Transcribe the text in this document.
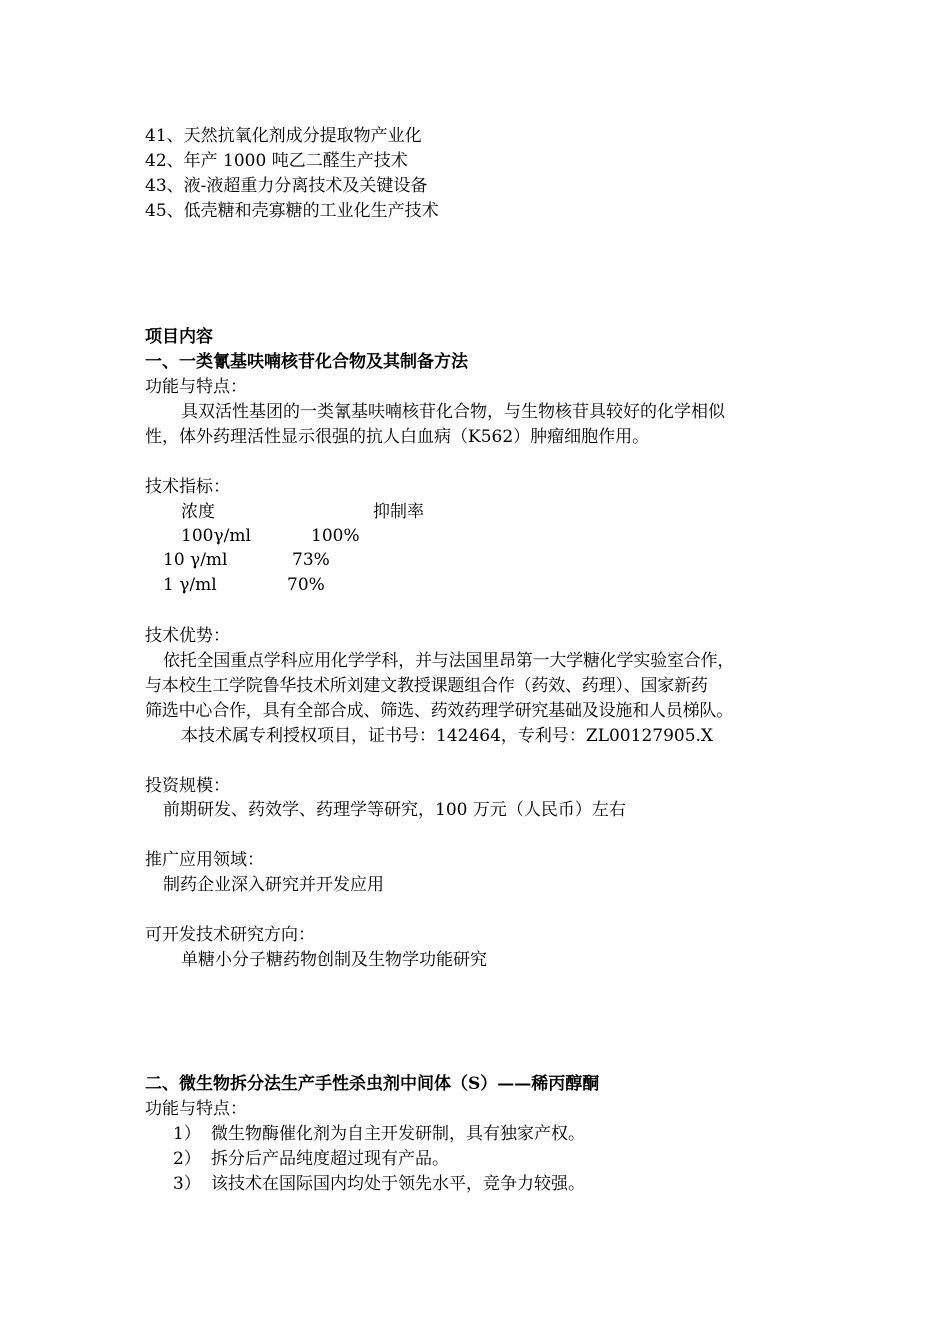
41、天然抗氧化剂成分提取物产业化
42、年产 1000 吨乙二醛生产技术
43、液-液超重力分离技术及关键设备
45、低壳糖和壳寡糖的工业化生产技术
项目内容
一、一类氰基呋喃核苷化合物及其制备方法
功能与特点：
具双活性基团的一类氰基呋喃核苷化合物，与生物核苷具较好的化学相似
性，体外药理活性显示很强的抗人白血病（K562）肿瘤细胞作用。
技术指标：
浓度	抑制率
100γ/ml	100%
10 γ/ml	73%
1 γ/ml	70%
技术优势：
依托全国重点学科应用化学学科，并与法国里昂第一大学糖化学实验室合作，
与本校生工学院鲁华技术所刘建文教授课题组合作（药效、药理）、国家新药
筛选中心合作，具有全部合成、筛选、药效药理学研究基础及设施和人员梯队。
本技术属专利授权项目，证书号：142464，专利号：ZL00127905.X
投资规模：
前期研发、药效学、药理学等研究，100 万元（人民币）左右
推广应用领域：
制药企业深入研究并开发应用
可开发技术研究方向：
单糖小分子糖药物创制及生物学功能研究
二、微生物拆分法生产手性杀虫剂中间体（S）——稀丙醇酮
功能与特点：
1） 微生物酶催化剂为自主开发研制，具有独家产权。
2） 拆分后产品纯度超过现有产品。
3） 该技术在国际国内均处于领先水平，竞争力较强。
